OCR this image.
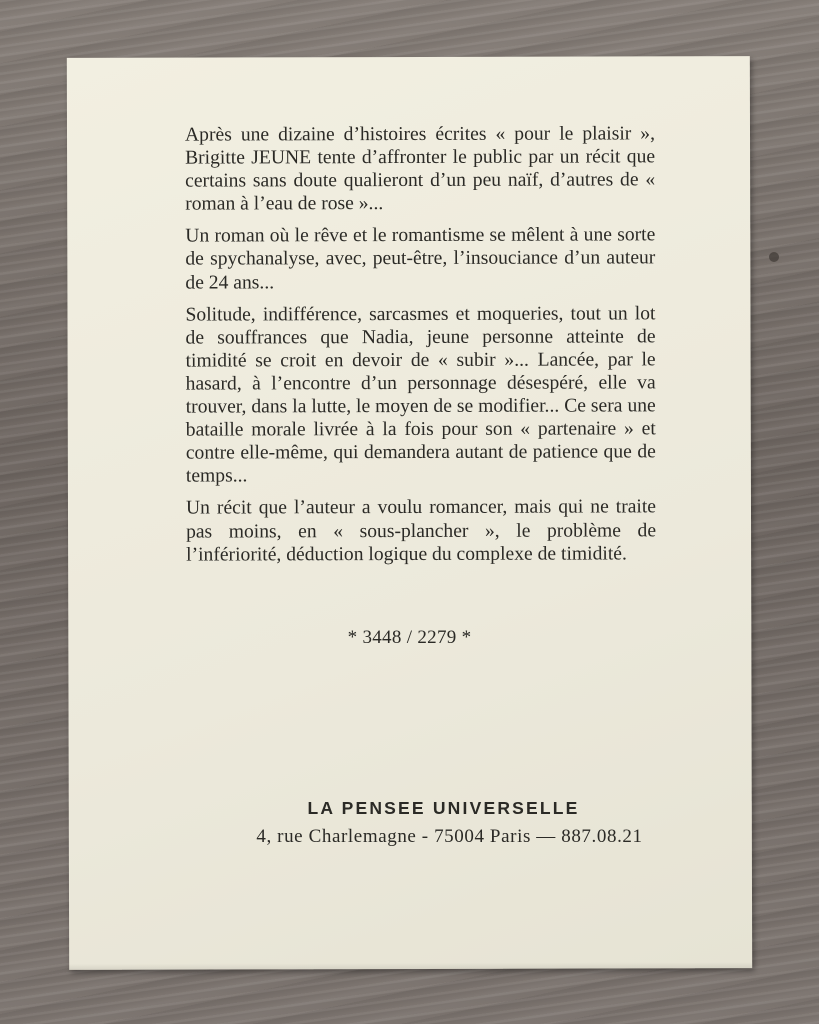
Après une dizaine d’histoires écrites « pour le plaisir », Brigitte JEUNE tente d’affronter le public par un récit que certains sans doute qualieront d’un peu naïf, d’autres de « roman à l’eau de rose »...

Un roman où le rêve et le romantisme se mêlent à une sorte de spychanalyse, avec, peut-être, l’insouciance d’un auteur de 24 ans...

Solitude, indifférence, sarcasmes et moqueries, tout un lot de souffrances que Nadia, jeune personne atteinte de timidité se croit en devoir de « subir »... Lancée, par le hasard, à l’encontre d’un personnage désespéré, elle va trouver, dans la lutte, le moyen de se modifier... Ce sera une bataille morale livrée à la fois pour son « partenaire » et contre elle-même, qui demandera autant de patience que de temps...

Un récit que l’auteur a voulu romancer, mais qui ne traite pas moins, en « sous-plancher », le problème de l’infériorité, déduction logique du complexe de timidité.

* 3448 / 2279 *
LA PENSEE UNIVERSELLE
4, rue Charlemagne - 75004 Paris — 887.08.21
